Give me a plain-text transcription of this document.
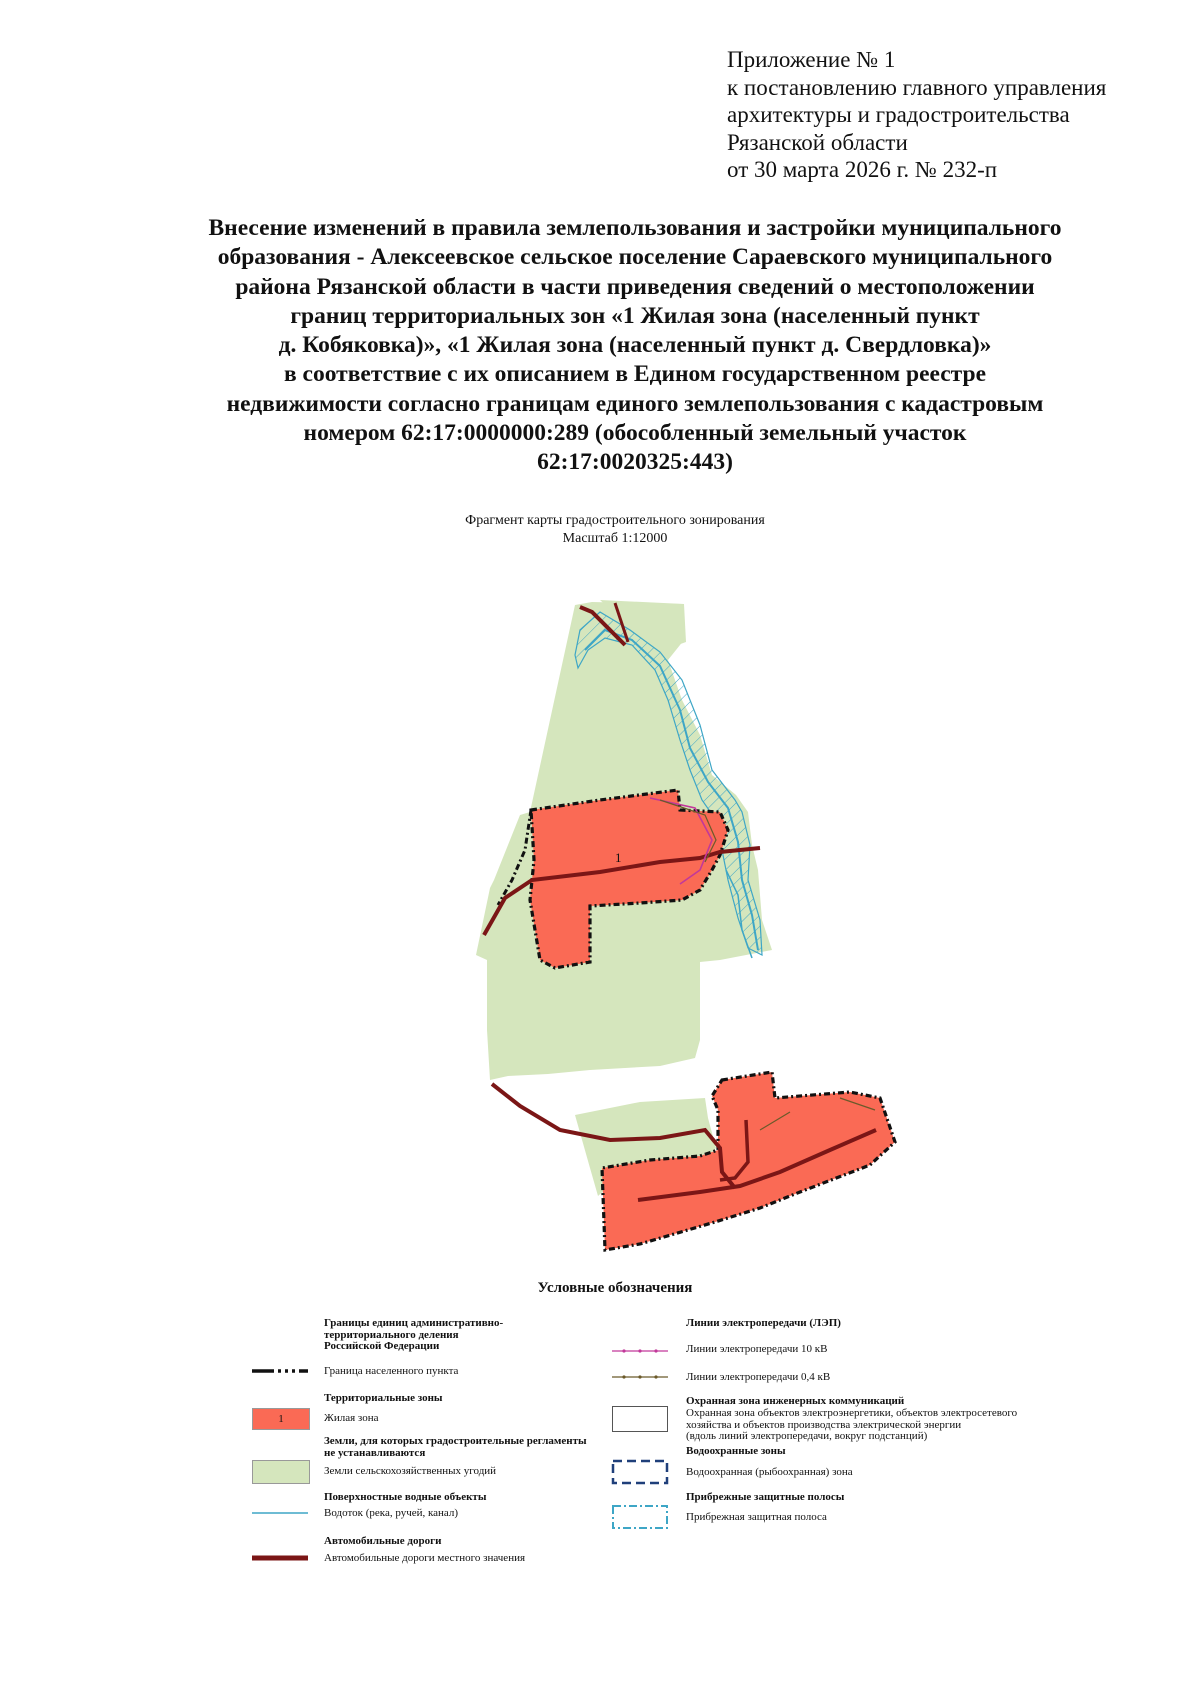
Приложение № 1
к постановлению главного управления
архитектуры и градостроительства
Рязанской области
от 30 марта 2026 г. № 232-п
Внесение изменений в правила землепользования и застройки муниципального
образования - Алексеевское сельское поселение Сараевского муниципального
района Рязанской области в части приведения сведений о местоположении
границ территориальных зон «1 Жилая зона (населенный пункт
д. Кобяковка)», «1 Жилая зона (населенный пункт д. Свердловка)»
в соответствие с их описанием в Едином государственном реестре
недвижимости согласно границам единого землепользования с кадастровым
номером 62:17:0000000:289 (обособленный земельный участок
62:17:0020325:443)
Фрагмент карты градостроительного зонирования
Масштаб 1:12000
1
Условные обозначения
Границы единиц административно-
территориального деления
Российской Федерации
Граница населенного пункта
Территориальные зоны
1	Жилая зона
Земли, для которых градостроительные регламенты
не устанавливаются
Земли сельскохозяйственных угодий
Поверхностные водные объекты
Водоток (река, ручей, канал)
Автомобильные дороги
Автомобильные дороги местного значения
Линии электропередачи (ЛЭП)
Линии электропередачи 10 кВ
Линии электропередачи 0,4 кВ
Охранная зона инженерных коммуникаций
Охранная зона объектов электроэнергетики, объектов электросетевого
хозяйства и объектов производства электрической энергии
(вдоль линий электропередачи, вокруг подстанций)
Водоохранные зоны
Водоохранная (рыбоохранная) зона
Прибрежные защитные полосы
Прибрежная защитная полоса
